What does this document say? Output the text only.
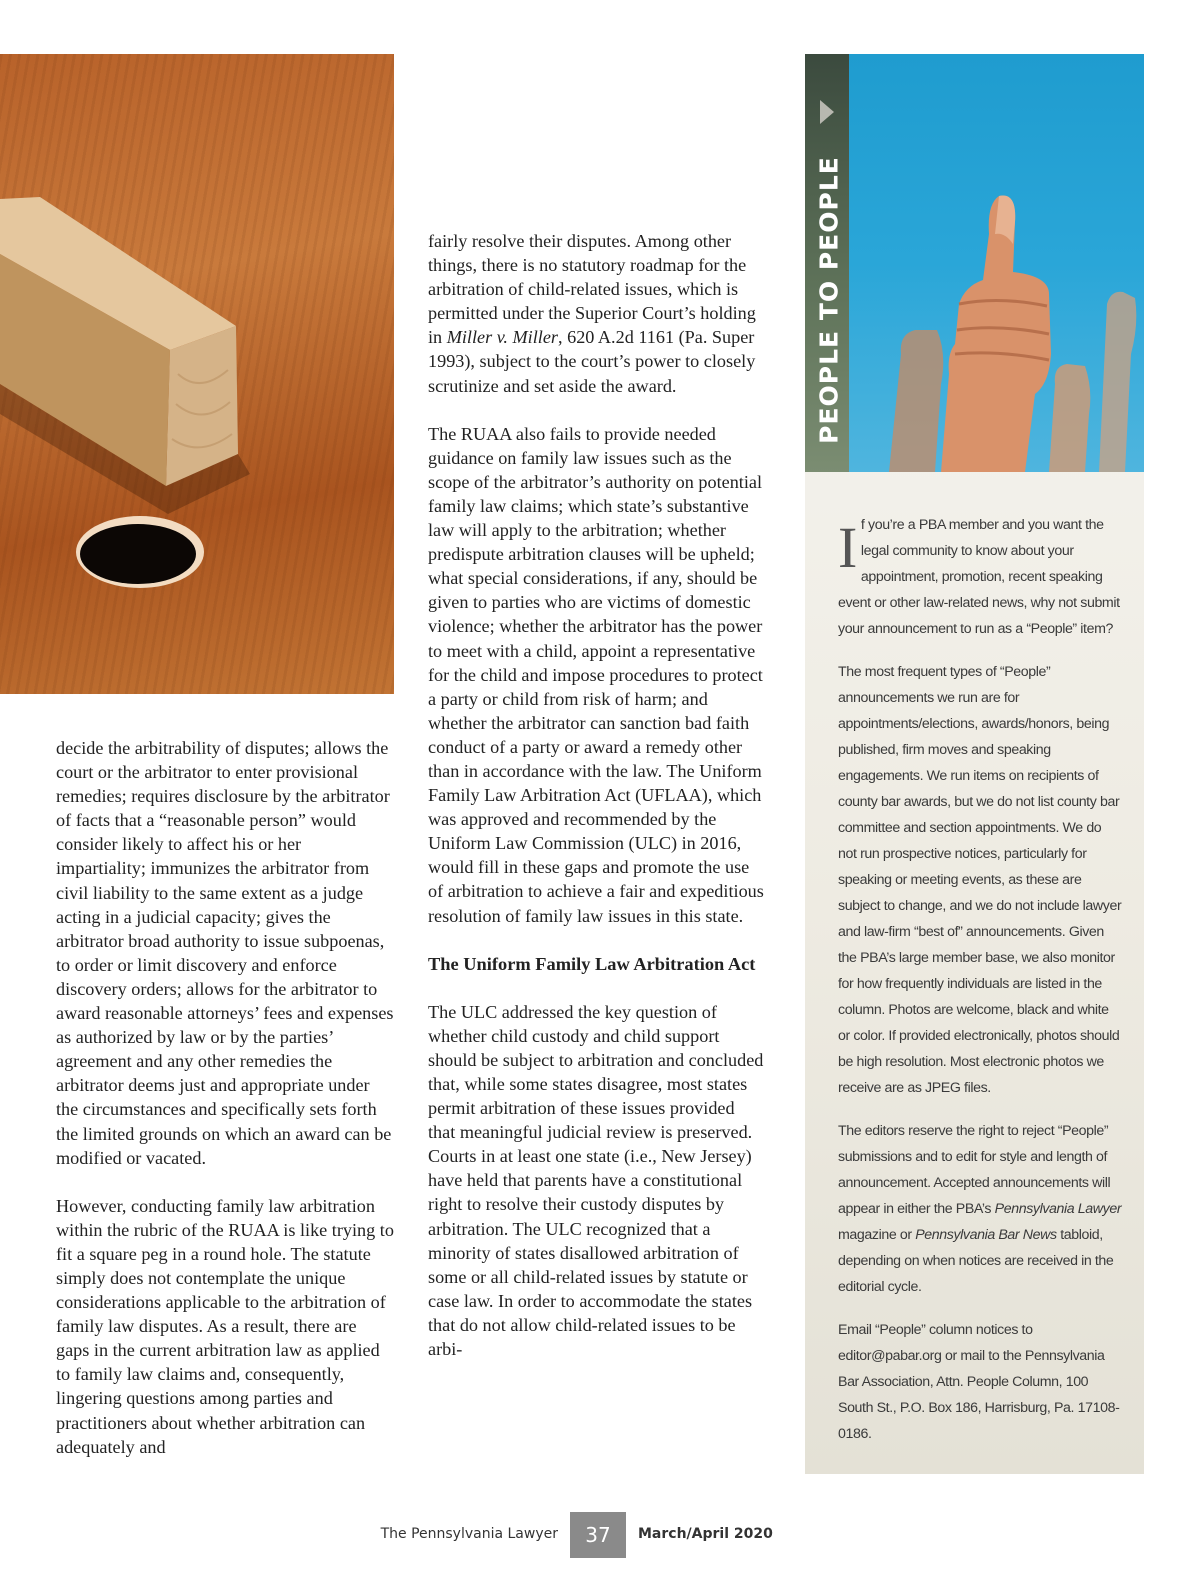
decide the arbitrability of disputes; allows the court or the arbitrator to enter provisional remedies; requires disclosure by the arbitrator of facts that a “reasonable person” would consider likely to affect his or her impartiality; immunizes the arbitrator from civil liability to the same extent as a judge acting in a judicial capacity; gives the arbitrator broad authority to issue subpoenas, to order or limit discovery and enforce discovery orders; allows for the arbitrator to award reasonable attorneys’ fees and expenses as authorized by law or by the parties’ agreement and any other remedies the arbitrator deems just and appropriate under the circumstances and specifically sets forth the limited grounds on which an award can be modified or vacated.

However, conducting family law arbitration within the rubric of the RUAA is like trying to fit a square peg in a round hole. The statute simply does not contemplate the unique considerations applicable to the arbitration of family law disputes. As a result, there are gaps in the current arbitration law as applied to family law claims and, consequently, lingering questions among parties and practitioners about whether arbitration can adequately and

fairly resolve their disputes. Among other things, there is no statutory roadmap for the arbitration of child-related issues, which is permitted under the Superior Court’s holding in Miller v. Miller, 620 A.2d 1161 (Pa. Super 1993), subject to the court’s power to closely scrutinize and set aside the award.

The RUAA also fails to provide needed guidance on family law issues such as the scope of the arbitrator’s authority on potential family law claims; which state’s substantive law will apply to the arbitration; whether predispute arbitration clauses will be upheld; what special considerations, if any, should be given to parties who are victims of domestic violence; whether the arbitrator has the power to meet with a child, appoint a representative for the child and impose procedures to protect a party or child from risk of harm; and whether the arbitrator can sanction bad faith conduct of a party or award a remedy other than in accordance with the law. The Uniform Family Law Arbitration Act (UFLAA), which was approved and recommended by the Uniform Law Commission (ULC) in 2016, would fill in these gaps and promote the use of arbitration to achieve a fair and expeditious resolution of family law issues in this state.

The Uniform Family Law Arbitration Act

The ULC addressed the key question of whether child custody and child support should be subject to arbitration and concluded that, while some states disagree, most states permit arbitration of these issues provided that meaningful judicial review is preserved. Courts in at least one state (i.e., New Jersey) have held that parents have a constitutional right to resolve their custody disputes by arbitration. The ULC recognized that a minority of states disallowed arbitration of some or all child-related issues by statute or case law. In order to accommodate the states that do not allow child-related issues to be arbi-

PEOPLE TO PEOPLE

If you’re a PBA member and you want the legal community to know about your appointment, promotion, recent speaking event or other law-related news, why not submit your announcement to run as a “People” item?

The most frequent types of “People” announcements we run are for appointments/elections, awards/honors, being published, firm moves and speaking engagements. We run items on recipients of county bar awards, but we do not list county bar committee and section appointments. We do not run prospective notices, particularly for speaking or meeting events, as these are subject to change, and we do not include lawyer and law-firm “best of” announcements. Given the PBA’s large member base, we also monitor for how frequently individuals are listed in the column. Photos are welcome, black and white or color. If provided electronically, photos should be high resolution. Most electronic photos we receive are as JPEG files.

The editors reserve the right to reject “People” submissions and to edit for style and length of announcement. Accepted announcements will appear in either the PBA’s Pennsylvania Lawyer magazine or Pennsylvania Bar News tabloid, depending on when notices are received in the editorial cycle.

Email “People” column notices to editor@pabar.org or mail to the Pennsylvania Bar Association, Attn. People Column, 100 South St., P.O. Box 186, Harrisburg, Pa. 17108-0186.

The Pennsylvania Lawyer	37	March/April 2020
